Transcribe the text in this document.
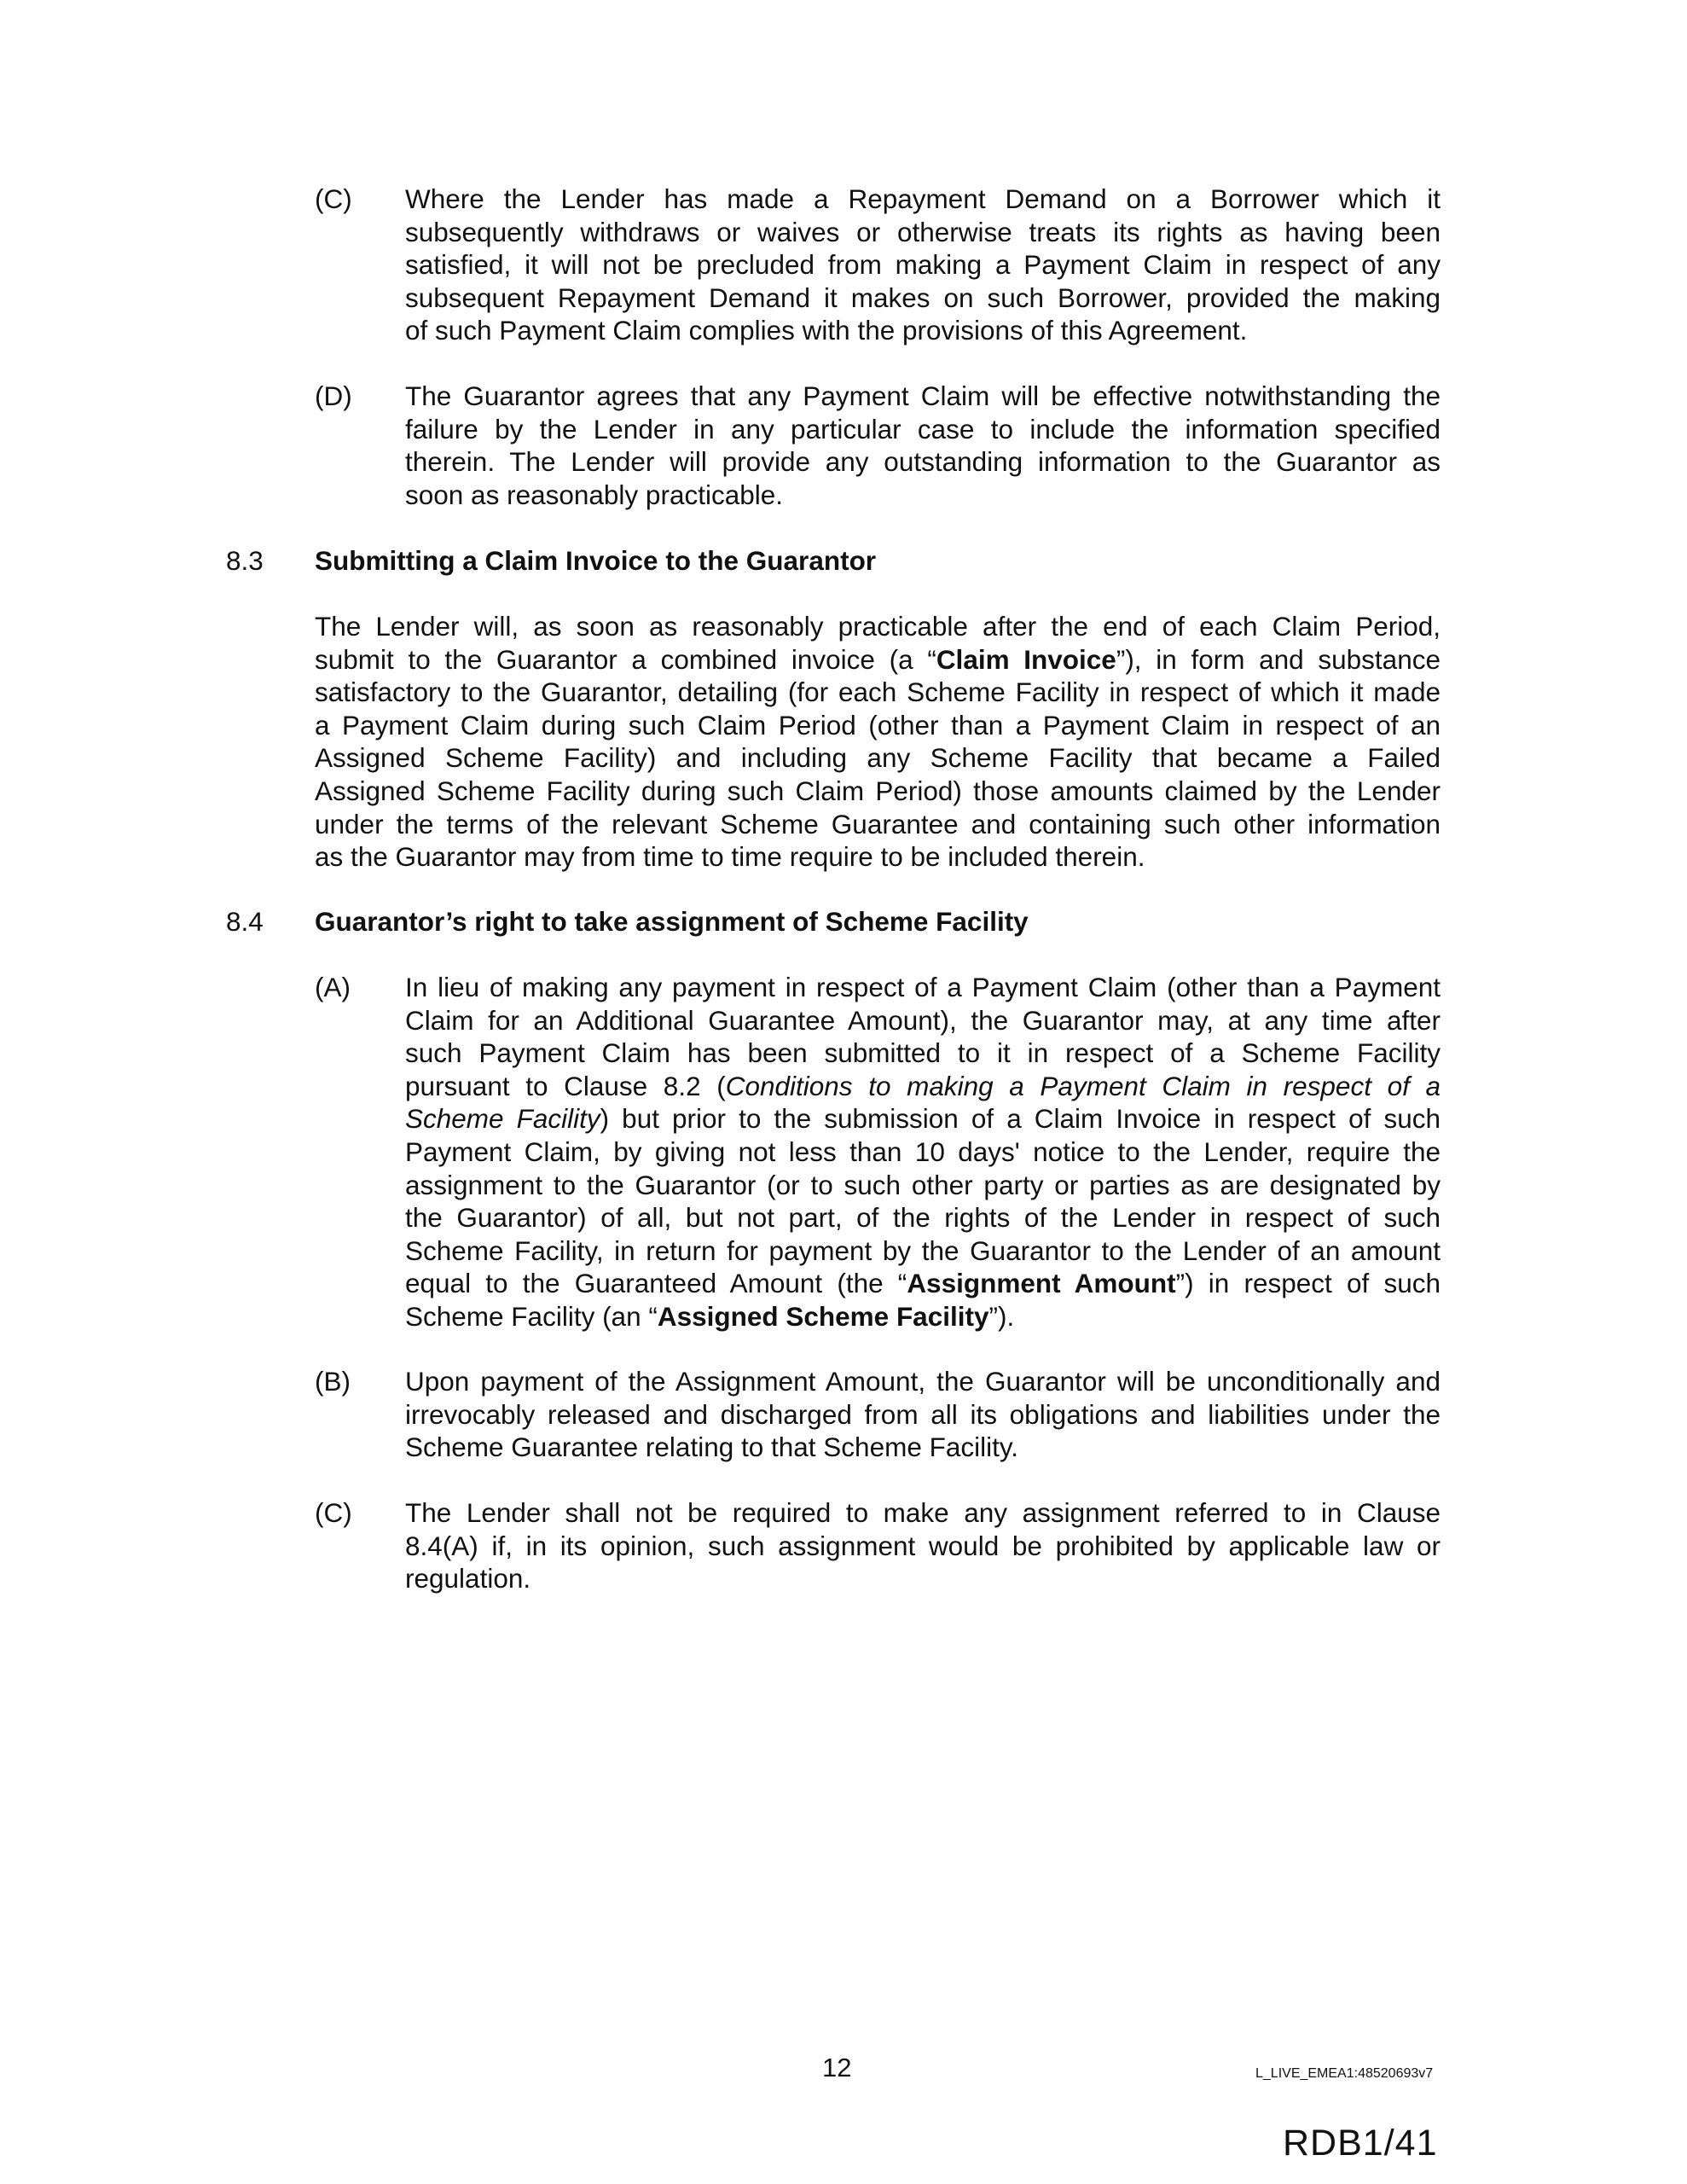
(C) Where the Lender has made a Repayment Demand on a Borrower which it
subsequently withdraws or waives or otherwise treats its rights as having been
satisfied, it will not be precluded from making a Payment Claim in respect of any
subsequent Repayment Demand it makes on such Borrower, provided the making
of such Payment Claim complies with the provisions of this Agreement.
(D) The Guarantor agrees that any Payment Claim will be effective notwithstanding the
failure by the Lender in any particular case to include the information specified
therein. The Lender will provide any outstanding information to the Guarantor as
soon as reasonably practicable.
8.3 Submitting a Claim Invoice to the Guarantor
The Lender will, as soon as reasonably practicable after the end of each Claim Period,
submit to the Guarantor a combined invoice (a “Claim Invoice”), in form and substance
satisfactory to the Guarantor, detailing (for each Scheme Facility in respect of which it made
a Payment Claim during such Claim Period (other than a Payment Claim in respect of an
Assigned Scheme Facility) and including any Scheme Facility that became a Failed
Assigned Scheme Facility during such Claim Period) those amounts claimed by the Lender
under the terms of the relevant Scheme Guarantee and containing such other information
as the Guarantor may from time to time require to be included therein.
8.4 Guarantor’s right to take assignment of Scheme Facility
(A) In lieu of making any payment in respect of a Payment Claim (other than a Payment
Claim for an Additional Guarantee Amount), the Guarantor may, at any time after
such Payment Claim has been submitted to it in respect of a Scheme Facility
pursuant to Clause 8.2 (Conditions to making a Payment Claim in respect of a
Scheme Facility) but prior to the submission of a Claim Invoice in respect of such
Payment Claim, by giving not less than 10 days' notice to the Lender, require the
assignment to the Guarantor (or to such other party or parties as are designated by
the Guarantor) of all, but not part, of the rights of the Lender in respect of such
Scheme Facility, in return for payment by the Guarantor to the Lender of an amount
equal to the Guaranteed Amount (the “Assignment Amount”) in respect of such
Scheme Facility (an “Assigned Scheme Facility”).
(B) Upon payment of the Assignment Amount, the Guarantor will be unconditionally and
irrevocably released and discharged from all its obligations and liabilities under the
Scheme Guarantee relating to that Scheme Facility.
(C) The Lender shall not be required to make any assignment referred to in Clause
8.4(A) if, in its opinion, such assignment would be prohibited by applicable law or
regulation.
12	L_LIVE_EMEA1:48520693v7
RDB1/41
